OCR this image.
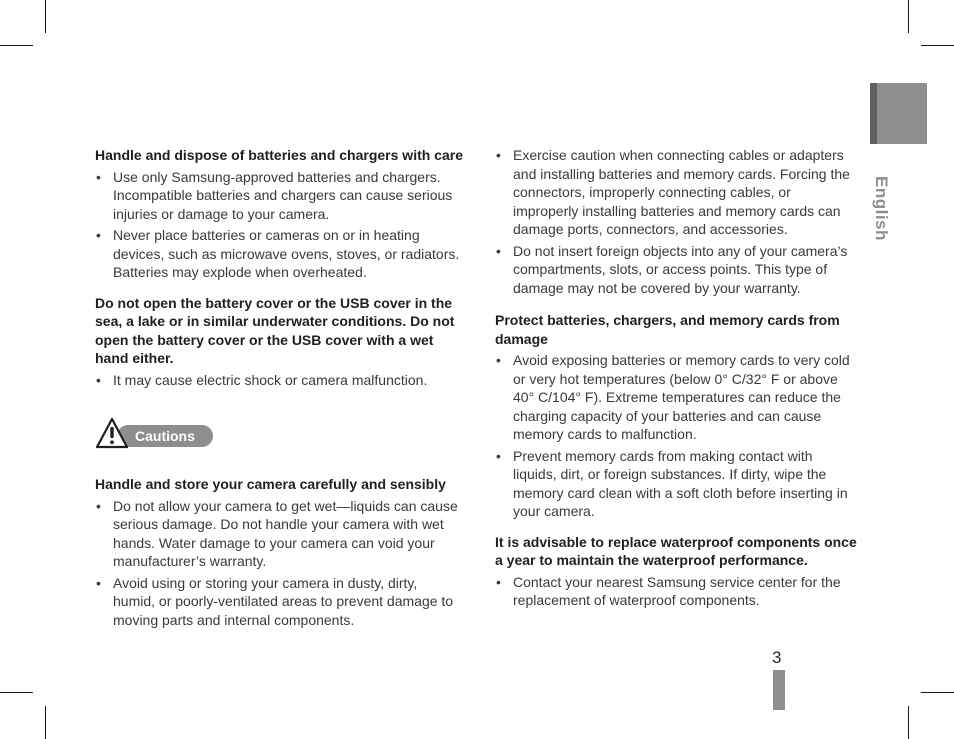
English
Handle and dispose of batteries and chargers with care
• Use only Samsung-approved batteries and chargers. Incompatible batteries and chargers can cause serious injuries or damage to your camera.
• Never place batteries or cameras on or in heating devices, such as microwave ovens, stoves, or radiators. Batteries may explode when overheated.
Do not open the battery cover or the USB cover in the sea, a lake or in similar underwater conditions. Do not open the battery cover or the USB cover with a wet hand either.
• It may cause electric shock or camera malfunction.
Cautions
Handle and store your camera carefully and sensibly
• Do not allow your camera to get wet—liquids can cause serious damage. Do not handle your camera with wet hands. Water damage to your camera can void your manufacturer’s warranty.
• Avoid using or storing your camera in dusty, dirty, humid, or poorly-ventilated areas to prevent damage to moving parts and internal components.
• Exercise caution when connecting cables or adapters and installing batteries and memory cards. Forcing the connectors, improperly connecting cables, or improperly installing batteries and memory cards can damage ports, connectors, and accessories.
• Do not insert foreign objects into any of your camera’s compartments, slots, or access points. This type of damage may not be covered by your warranty.
Protect batteries, chargers, and memory cards from damage
• Avoid exposing batteries or memory cards to very cold or very hot temperatures (below 0° C/32° F or above 40° C/104° F). Extreme temperatures can reduce the charging capacity of your batteries and can cause memory cards to malfunction.
• Prevent memory cards from making contact with liquids, dirt, or foreign substances. If dirty, wipe the memory card clean with a soft cloth before inserting in your camera.
It is advisable to replace waterproof components once a year to maintain the waterproof performance.
• Contact your nearest Samsung service center for the replacement of waterproof components.
3
